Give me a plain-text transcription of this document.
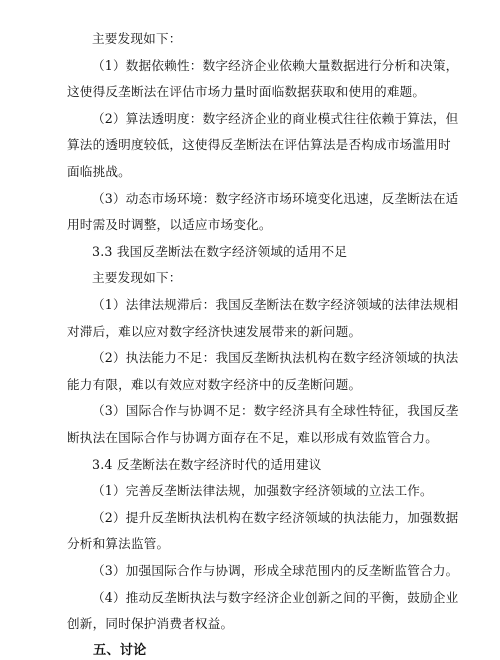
主要发现如下：
（1）数据依赖性：数字经济企业依赖大量数据进行分析和决策，
这使得反垄断法在评估市场力量时面临数据获取和使用的难题。
（2）算法透明度：数字经济企业的商业模式往往依赖于算法，但
算法的透明度较低，这使得反垄断法在评估算法是否构成市场滥用时
面临挑战。
（3）动态市场环境：数字经济市场环境变化迅速，反垄断法在适
用时需及时调整，以适应市场变化。
3.3 我国反垄断法在数字经济领域的适用不足
主要发现如下：
（1）法律法规滞后：我国反垄断法在数字经济领域的法律法规相
对滞后，难以应对数字经济快速发展带来的新问题。
（2）执法能力不足：我国反垄断执法机构在数字经济领域的执法
能力有限，难以有效应对数字经济中的反垄断问题。
（3）国际合作与协调不足：数字经济具有全球性特征，我国反垄
断执法在国际合作与协调方面存在不足，难以形成有效监管合力。
3.4 反垄断法在数字经济时代的适用建议
（1）完善反垄断法律法规，加强数字经济领域的立法工作。
（2）提升反垄断执法机构在数字经济领域的执法能力，加强数据
分析和算法监管。
（3）加强国际合作与协调，形成全球范围内的反垄断监管合力。
（4）推动反垄断执法与数字经济企业创新之间的平衡，鼓励企业
创新，同时保护消费者权益。
五、讨论
